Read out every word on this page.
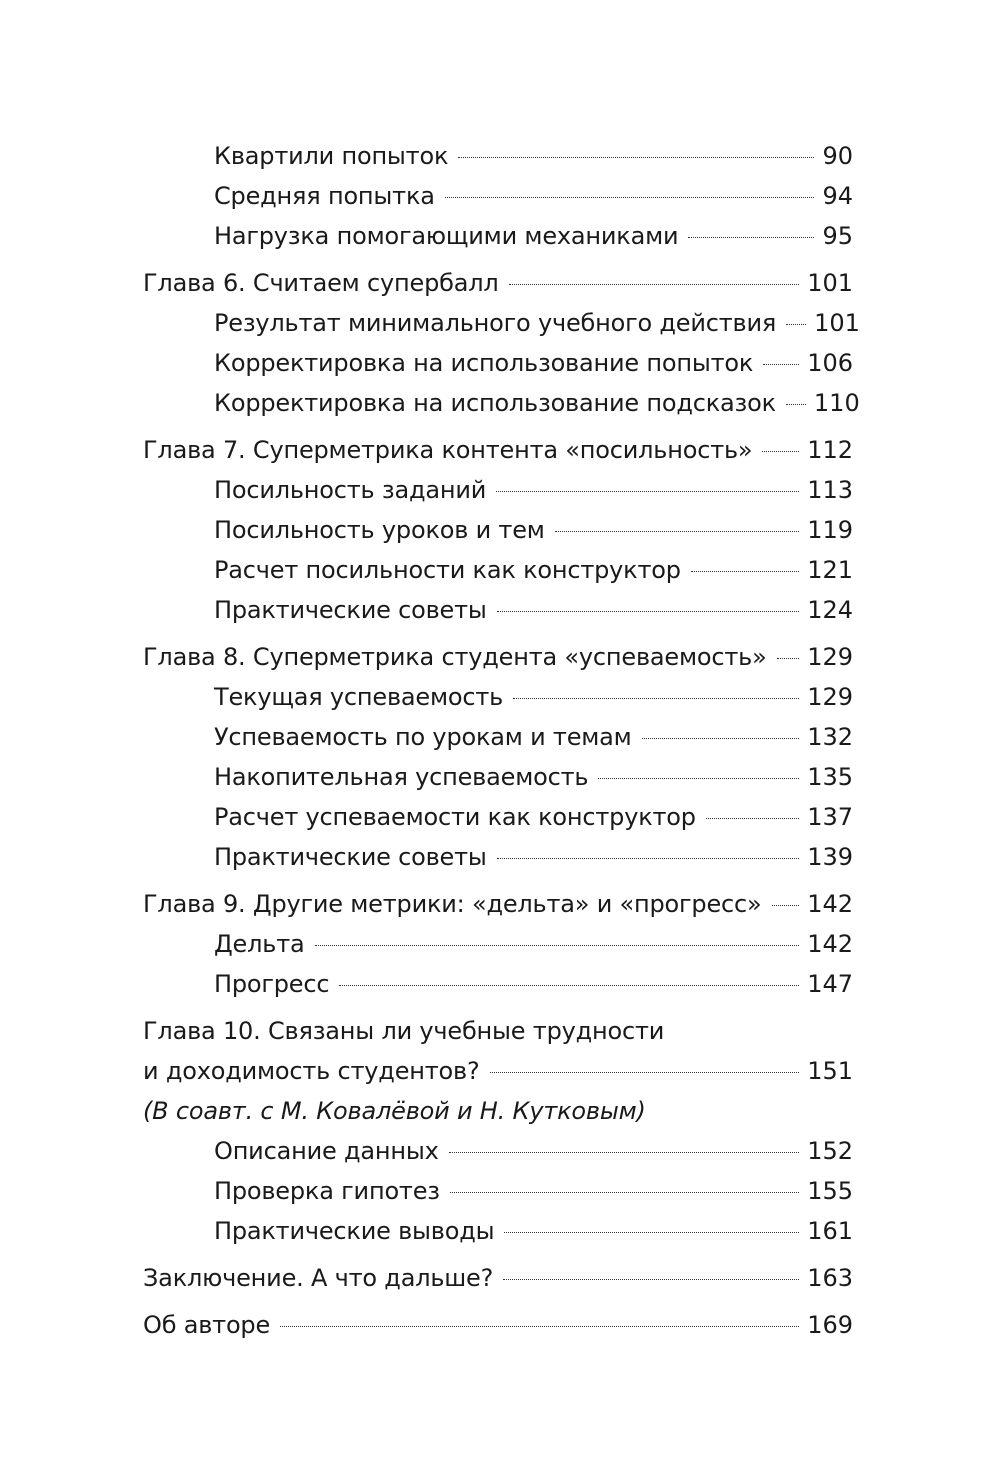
Квартили попыток	90
Средняя попытка	94
Нагрузка помогающими механиками	95
Глава 6. Считаем супербалл	101
Результат минимального учебного действия 101
Корректировка на использование попыток 106
Корректировка на использование подсказок 110
Глава 7. Суперметрика контента «посильность» 112
Посильность заданий	113
Посильность уроков и тем	119
Расчет посильности как конструктор	121
Практические советы	124
Глава 8. Суперметрика студента «успеваемость» 129
Текущая успеваемость	129
Успеваемость по урокам и темам	132
Накопительная успеваемость	135
Расчет успеваемости как конструктор	137
Практические советы	139
Глава 9. Другие метрики: «дельта» и «прогресс» 142
Дельта	142
Прогресс	147
Глава 10. Связаны ли учебные трудности
и доходимость студентов?	151
(В соавт. с М. Ковалёвой и Н. Кутковым)
Описание данных	152
Проверка гипотез	155
Практические выводы	161
Заключение. А что дальше?	163
Об авторе	169
